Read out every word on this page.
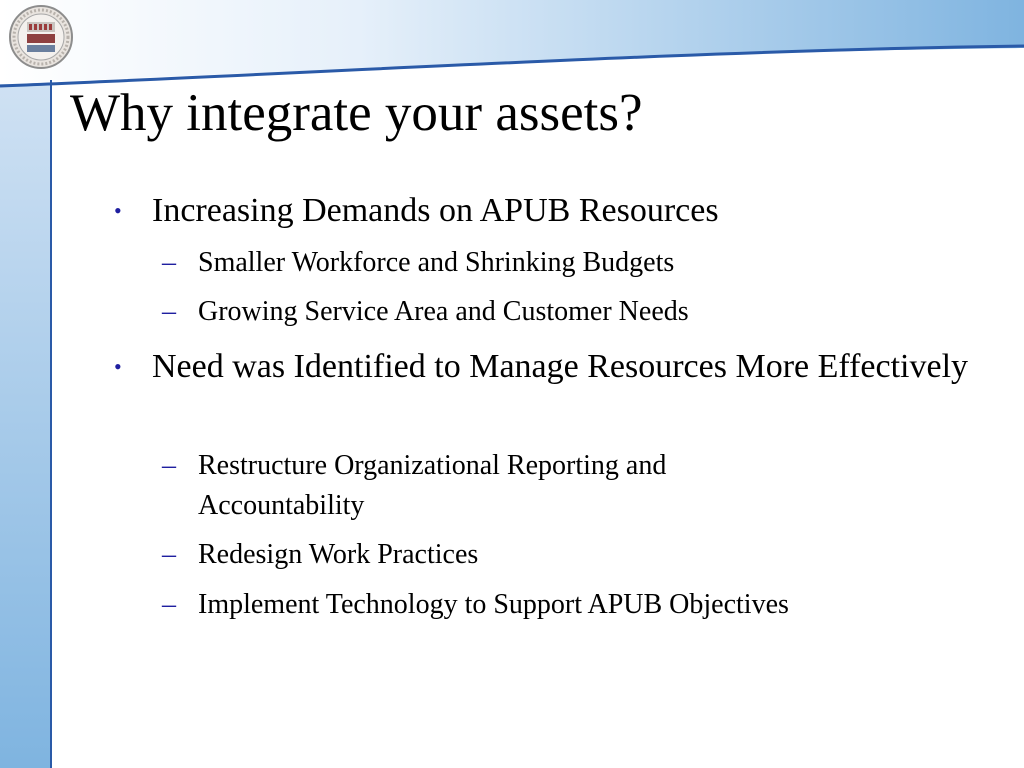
Why integrate your assets?
• Increasing Demands on APUB Resources
– Smaller Workforce and Shrinking Budgets
– Growing Service Area and Customer Needs
• Need was Identified to Manage Resources More Effectively
– Restructure Organizational Reporting and Accountability
– Redesign Work Practices
– Implement Technology to Support APUB Objectives
